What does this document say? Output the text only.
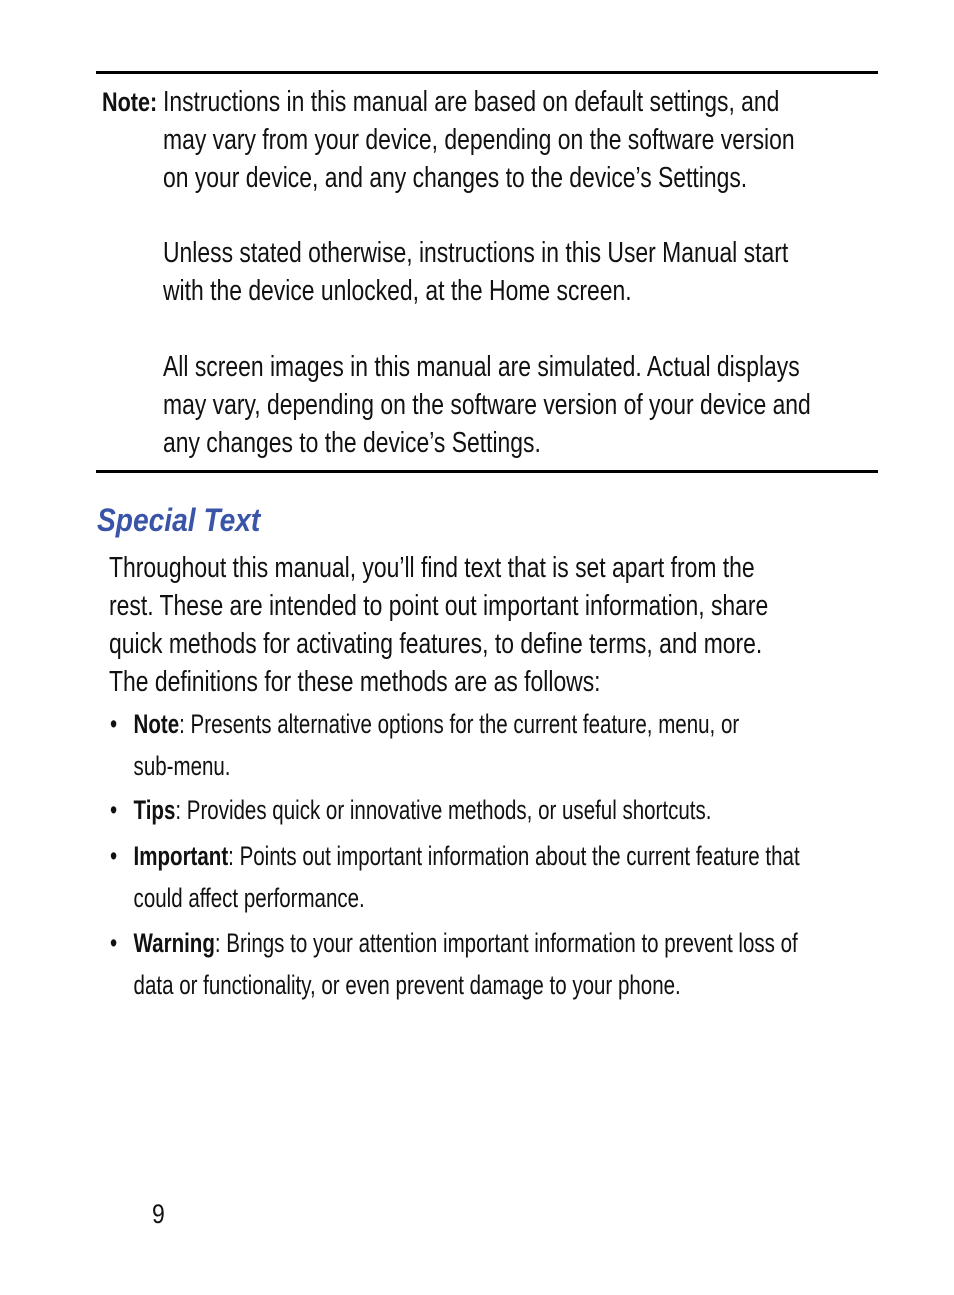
Note: Instructions in this manual are based on default settings, and
may vary from your device, depending on the software version
on your device, and any changes to the device’s Settings.
Unless stated otherwise, instructions in this User Manual start
with the device unlocked, at the Home screen.
All screen images in this manual are simulated. Actual displays
may vary, depending on the software version of your device and
any changes to the device’s Settings.
Special Text

Throughout this manual, you’ll find text that is set apart from the
rest. These are intended to point out important information, share
quick methods for activating features, to define terms, and more.
The definitions for these methods are as follows:

• Note: Presents alternative options for the current feature, menu, or
sub-menu.
• Tips: Provides quick or innovative methods, or useful shortcuts.
• Important: Points out important information about the current feature that
could affect performance.
• Warning: Brings to your attention important information to prevent loss of
data or functionality, or even prevent damage to your phone.
9
